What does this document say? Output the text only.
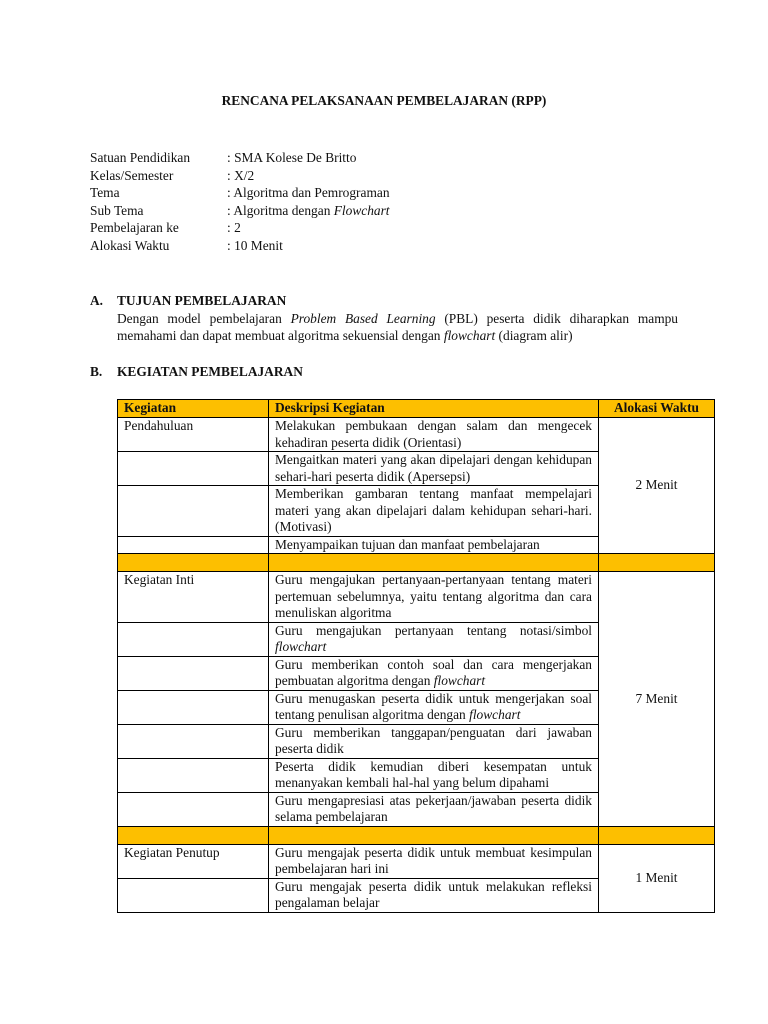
RENCANA PELAKSANAAN PEMBELAJARAN (RPP)
Satuan Pendidikan	: SMA Kolese De Britto
Kelas/Semester	: X/2
Tema	: Algoritma dan Pemrograman
Sub Tema	: Algoritma dengan Flowchart
Pembelajaran ke	: 2
Alokasi Waktu	: 10 Menit
A. TUJUAN PEMBELAJARAN
Dengan model pembelajaran Problem Based Learning (PBL) peserta didik diharapkan mampu memahami dan dapat membuat algoritma sekuensial dengan flowchart (diagram alir)
B. KEGIATAN PEMBELAJARAN
Kegiatan	Deskripsi Kegiatan	Alokasi Waktu
Pendahuluan	Melakukan pembukaan dengan salam dan mengecek kehadiran peserta didik (Orientasi)	2 Menit
	Mengaitkan materi yang akan dipelajari dengan kehidupan sehari-hari peserta didik (Apersepsi)	
	Memberikan gambaran tentang manfaat mempelajari materi yang akan dipelajari dalam kehidupan sehari-hari. (Motivasi)	
	Menyampaikan tujuan dan manfaat pembelajaran	

Kegiatan Inti	Guru mengajukan pertanyaan-pertanyaan tentang materi pertemuan sebelumnya, yaitu tentang algoritma dan cara menuliskan algoritma	7 Menit
	Guru mengajukan pertanyaan tentang notasi/simbol flowchart	
	Guru memberikan contoh soal dan cara mengerjakan pembuatan algoritma dengan flowchart	
	Guru menugaskan peserta didik untuk mengerjakan soal tentang penulisan algoritma dengan flowchart	
	Guru memberikan tanggapan/penguatan dari jawaban peserta didik	
	Peserta didik kemudian diberi kesempatan untuk menanyakan kembali hal-hal yang belum dipahami	
	Guru mengapresiasi atas pekerjaan/jawaban peserta didik selama pembelajaran	

Kegiatan Penutup	Guru mengajak peserta didik untuk membuat kesimpulan pembelajaran hari ini	1 Menit
	Guru mengajak peserta didik untuk melakukan refleksi pengalaman belajar	
